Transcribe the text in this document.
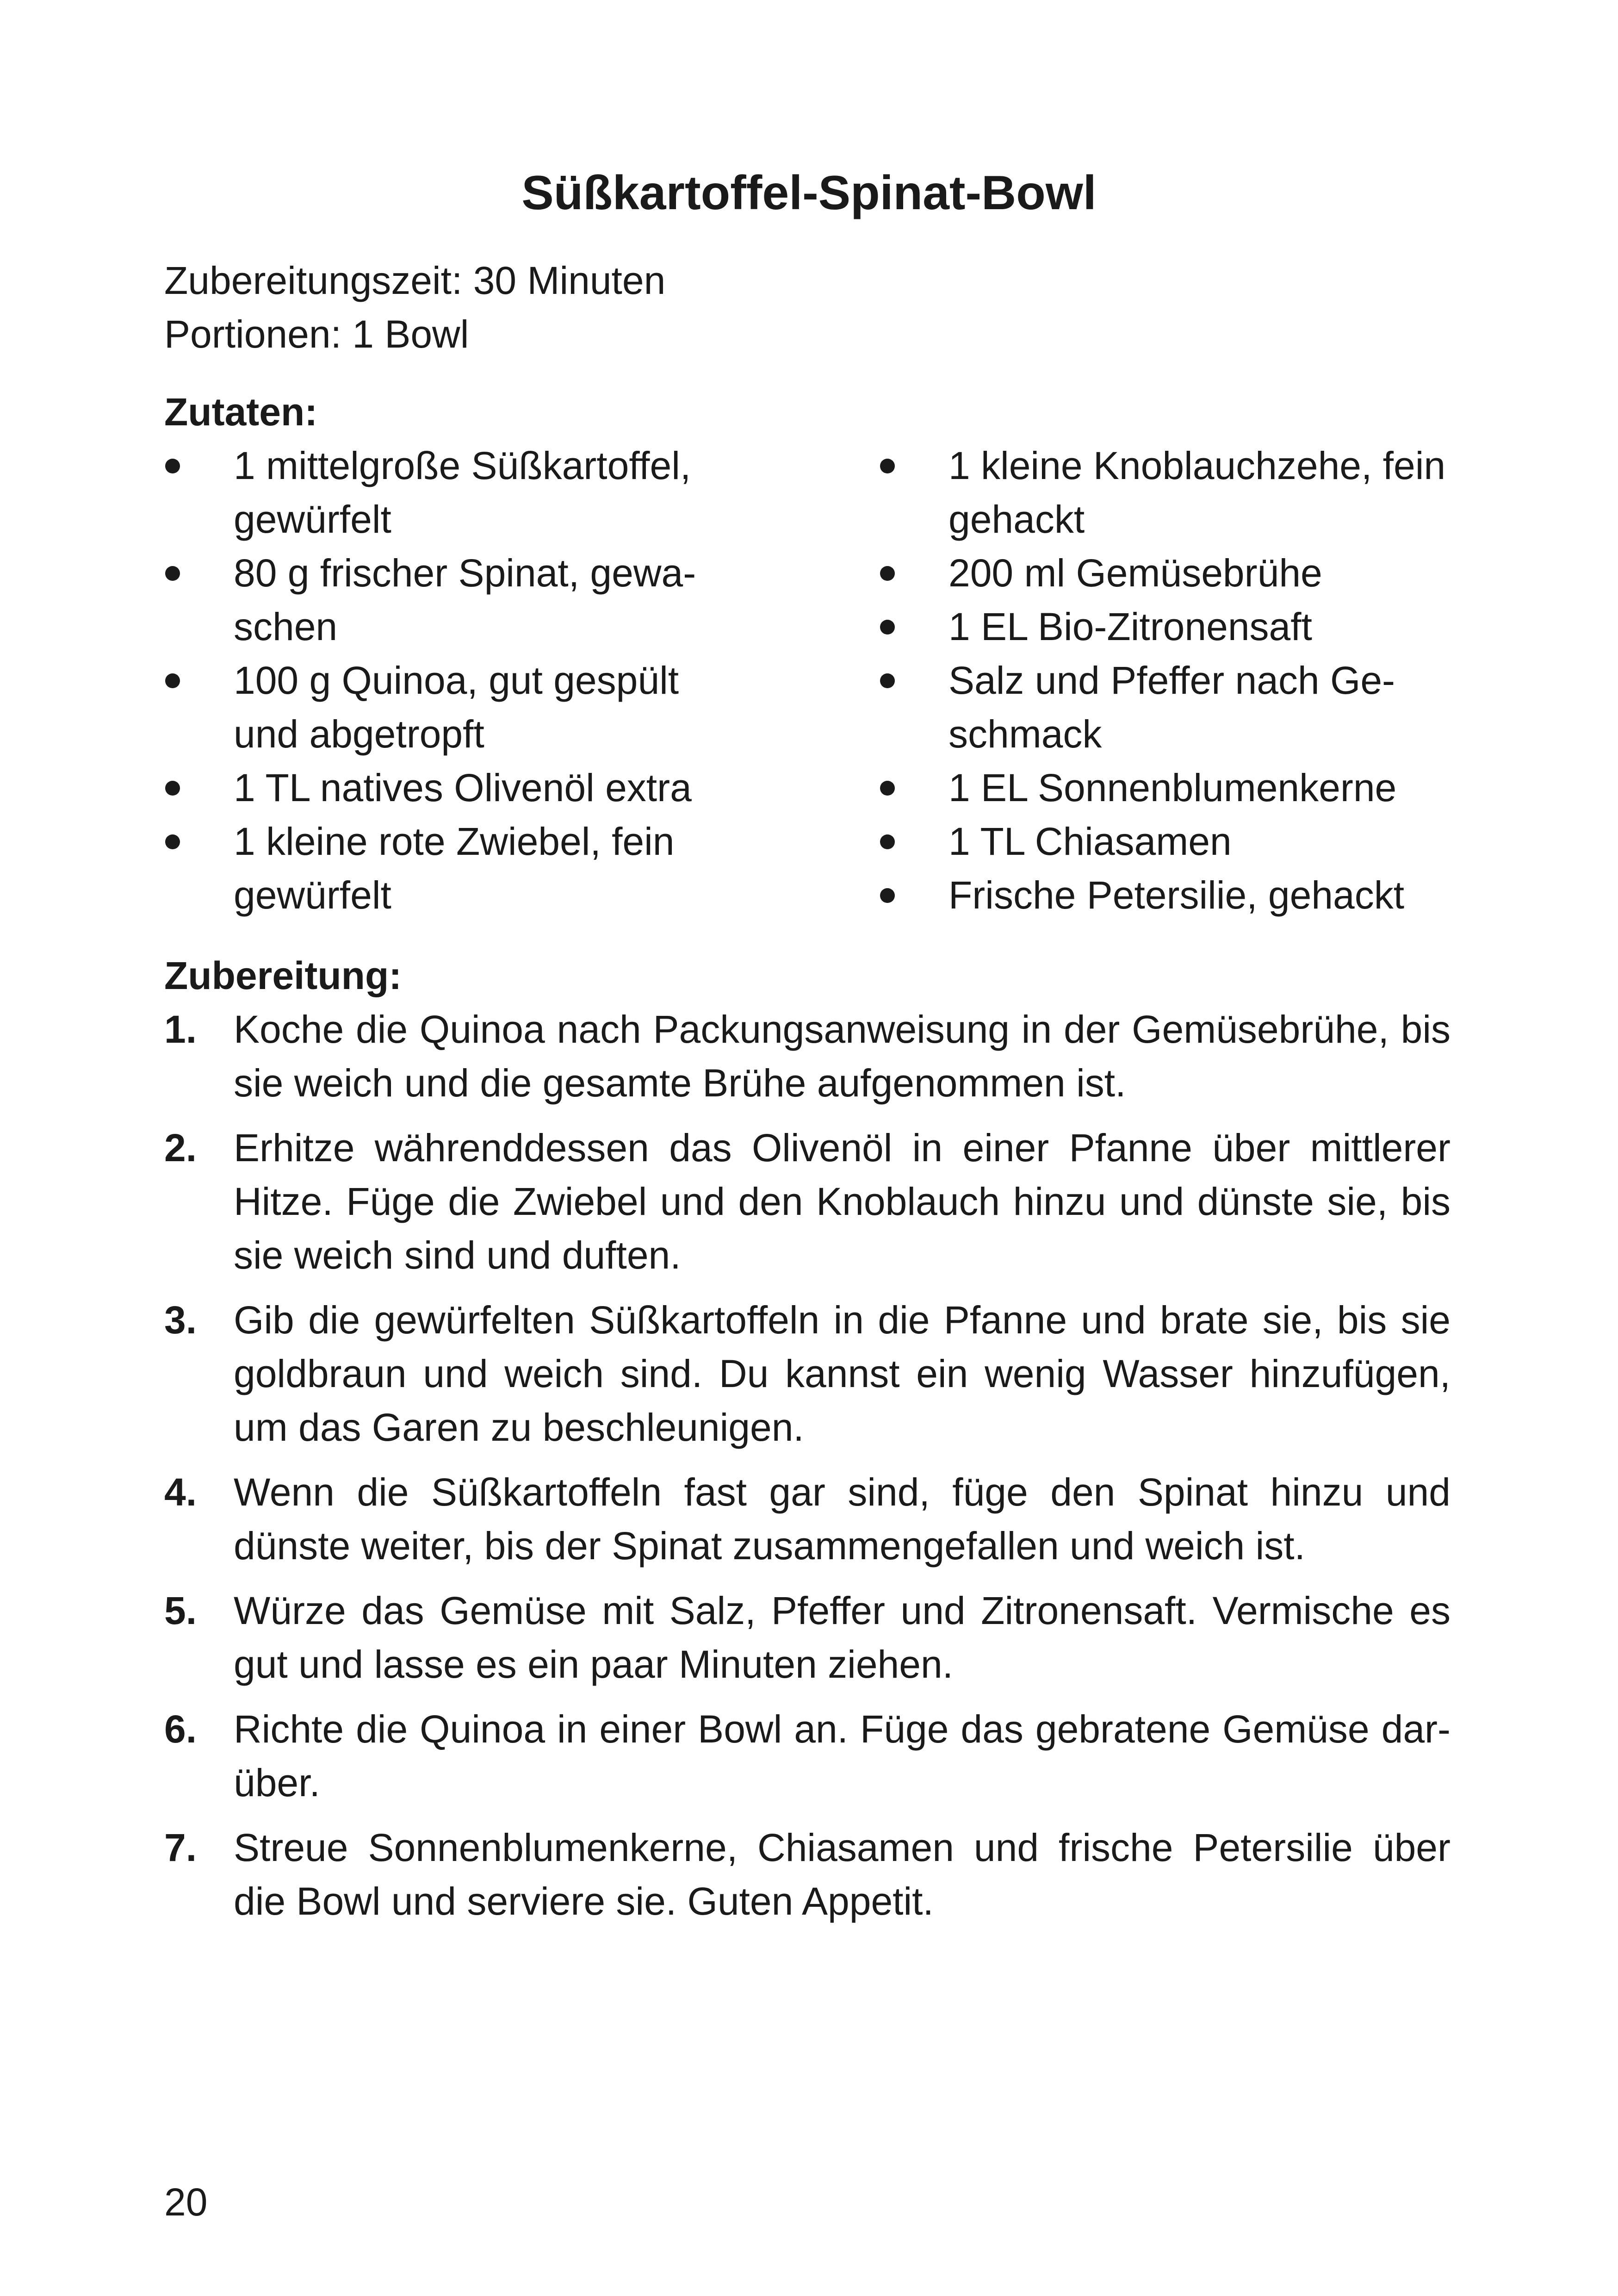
Süßkartoffel-Spinat-Bowl
Zubereitungszeit: 30 Minuten
Portionen: 1 Bowl
Zutaten:
1 mittelgroße Süßkartoffel,
gewürfelt
80 g frischer Spinat, gewa-
schen
100 g Quinoa, gut gespült
und abgetropft
1 TL natives Olivenöl extra
1 kleine rote Zwiebel, fein
gewürfelt
1 kleine Knoblauchzehe, fein
gehackt
200 ml Gemüsebrühe
1 EL Bio-Zitronensaft
Salz und Pfeffer nach Ge-
schmack
1 EL Sonnenblumenkerne
1 TL Chiasamen
Frische Petersilie, gehackt
Zubereitung:
1. Koche die Quinoa nach Packungsanweisung in der Gemüsebrühe, bis sie weich und die gesamte Brühe aufgenommen ist.
2. Erhitze währenddessen das Olivenöl in einer Pfanne über mittlerer Hitze. Füge die Zwiebel und den Knoblauch hinzu und dünste sie, bis sie weich sind und duften.
3. Gib die gewürfelten Süßkartoffeln in die Pfanne und brate sie, bis sie goldbraun und weich sind. Du kannst ein wenig Wasser hinzufügen, um das Garen zu beschleunigen.
4. Wenn die Süßkartoffeln fast gar sind, füge den Spinat hinzu und dünste weiter, bis der Spinat zusammengefallen und weich ist.
5. Würze das Gemüse mit Salz, Pfeffer und Zitronensaft. Vermische es gut und lasse es ein paar Minuten ziehen.
6. Richte die Quinoa in einer Bowl an. Füge das gebratene Gemüse dar-über.
7. Streue Sonnenblumenkerne, Chiasamen und frische Petersilie über die Bowl und serviere sie. Guten Appetit.
20
